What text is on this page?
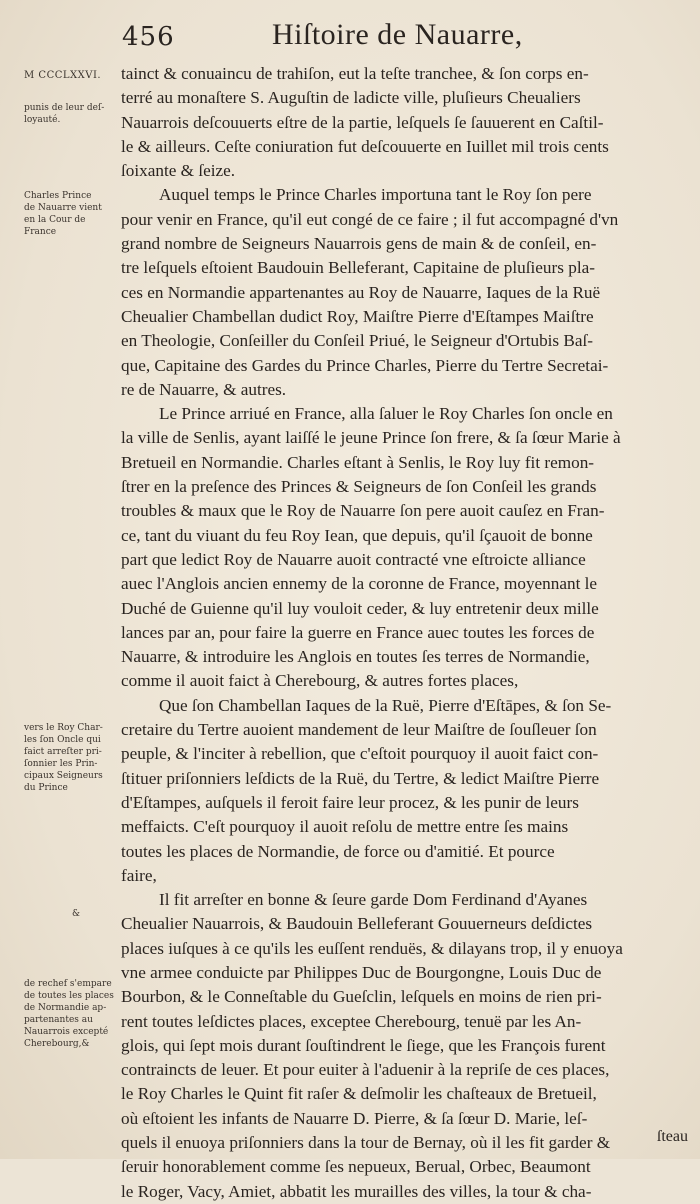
456	Hiſtoire de Nauarre,
M CCCLXXVI.
punis de leur deſ-
loyauté.
Charles Prince
de Nauarre vient
en la Cour de
France
vers le Roy Char-
les ſon Oncle qui
faict arreſter pri-
ſonnier les Prin-
cipaux Seigneurs
du Prince
&
de rechef s'empare
de toutes les places
de Normandie ap-
partenantes au
Nauarrois excepté
Cherebourg,&
tainct & conuaincu de trahiſon, eut la teſte tranchee, & ſon corps en-
terré au monaſtere S. Auguſtin de ladicte ville, pluſieurs Cheualiers
Nauarrois deſcouuerts eſtre de la partie, leſquels ſe ſauuerent en Caſtil-
le & ailleurs. Ceſte coniuration fut deſcouuerte en Iuillet mil trois cents
ſoixante & ſeize.
Auquel temps le Prince Charles importuna tant le Roy ſon pere
pour venir en France, qu'il eut congé de ce faire ; il fut accompagné d'vn
grand nombre de Seigneurs Nauarrois gens de main & de conſeil, en-
tre leſquels eſtoient Baudouin Belleferant, Capitaine de pluſieurs pla-
ces en Normandie appartenantes au Roy de Nauarre, Iaques de la Ruë
Cheualier Chambellan dudict Roy, Maiſtre Pierre d'Eſtampes Maiſtre
en Theologie, Conſeiller du Conſeil Priué, le Seigneur d'Ortubis Baſ-
que, Capitaine des Gardes du Prince Charles, Pierre du Tertre Secretai-
re de Nauarre, & autres.
Le Prince arriué en France, alla ſaluer le Roy Charles ſon oncle en
la ville de Senlis, ayant laiſſé le jeune Prince ſon frere, & ſa ſœur Marie à
Bretueil en Normandie. Charles eſtant à Senlis, le Roy luy fit remon-
ſtrer en la preſence des Princes & Seigneurs de ſon Conſeil les grands
troubles & maux que le Roy de Nauarre ſon pere auoit cauſez en Fran-
ce, tant du viuant du feu Roy Iean, que depuis, qu'il ſçauoit de bonne
part que ledict Roy de Nauarre auoit contracté vne eſtroicte alliance
auec l'Anglois ancien ennemy de la coronne de France, moyennant le
Duché de Guienne qu'il luy vouloit ceder, & luy entretenir deux mille
lances par an, pour faire la guerre en France auec toutes les forces de
Nauarre, & introduire les Anglois en toutes ſes terres de Normandie,
comme il auoit faict à Cherebourg, & autres fortes places,
Que ſon Chambellan Iaques de la Ruë, Pierre d'Eſtāpes, & ſon Se-
cretaire du Tertre auoient mandement de leur Maiſtre de ſouſleuer ſon
peuple, & l'inciter à rebellion, que c'eſtoit pourquoy il auoit faict con-
ſtituer priſonniers leſdicts de la Ruë, du Tertre, & ledict Maiſtre Pierre
d'Eſtampes, auſquels il feroit faire leur procez, & les punir de leurs
meffaicts. C'eſt pourquoy il auoit reſolu de mettre entre ſes mains
toutes les places de Normandie, de force ou d'amitié. Et pource
faire,
Il fit arreſter en bonne & ſeure garde Dom Ferdinand d'Ayanes
Cheualier Nauarrois, & Baudouin Belleferant Gouuerneurs deſdictes
places iuſques à ce qu'ils les euſſent renduës, & dilayans trop, il y enuoya
vne armee conduicte par Philippes Duc de Bourgongne, Louis Duc de
Bourbon, & le Conneſtable du Gueſclin, leſquels en moins de rien pri-
rent toutes leſdictes places, exceptee Cherebourg, tenuë par les An-
glois, qui ſept mois durant ſouſtindrent le ſiege, que les François furent
contraincts de leuer. Et pour euiter à l'aduenir à la repriſe de ces places,
le Roy Charles le Quint fit raſer & deſmolir les chaſteaux de Bretueil,
où eſtoient les infants de Nauarre D. Pierre, & ſa ſœur D. Marie, leſ-
quels il enuoya priſonniers dans la tour de Bernay, où il les fit garder &
ſeruir honorablement comme ſes nepueux, Berual, Orbec, Beaumont
le Roger, Vacy, Amiet, abbatit les murailles des villes, la tour & cha-
ſteau
